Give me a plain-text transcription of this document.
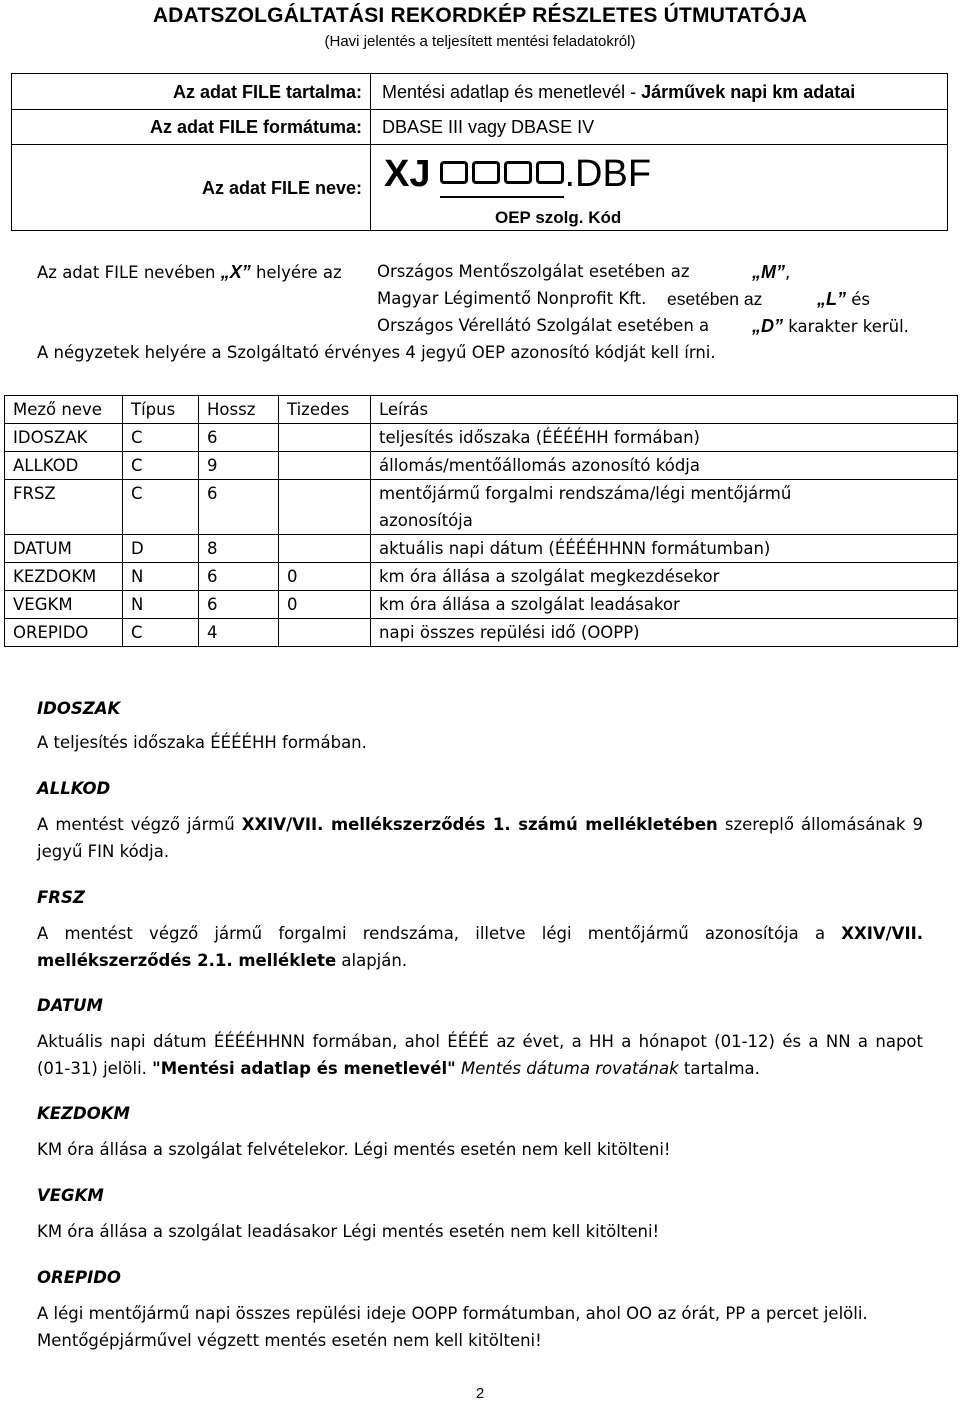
ADATSZOLGÁLTATÁSI REKORDKÉP RÉSZLETES ÚTMUTATÓJA
(Havi jelentés a teljesített mentési feladatokról)
Az adat FILE tartalma: Mentési adatlap és menetlevél - Járművek napi km adatai
Az adat FILE formátuma: DBASE III vagy DBASE IV
Az adat FILE neve: XJ	.DBF
OEP szolg. Kód
Az adat FILE nevében „X” helyére az Országos Mentőszolgálat esetében az	„M”,
Magyar Légimentő Nonprofit Kft. esetében az	„L” és
Országos Vérellátó Szolgálat esetében a „D” karakter kerül.
A négyzetek helyére a Szolgáltató érvényes 4 jegyű OEP azonosító kódját kell írni.
Mező neve	Típus	Hossz	Tizedes	Leírás
IDOSZAK	C	6		teljesítés időszaka (ÉÉÉÉHH formában)
ALLKOD	C	9		állomás/mentőállomás azonosító kódja
FRSZ	C	6		mentőjármű forgalmi rendszáma/légi mentőjármű
azonosítója
DATUM	D	8		aktuális napi dátum (ÉÉÉÉHHNN formátumban)
KEZDOKM	N	6	0	km óra állása a szolgálat megkezdésekor
VEGKM	N	6	0	km óra állása a szolgálat leadásakor
OREPIDO	C	4		napi összes repülési idő (OOPP)
IDOSZAK
A teljesítés időszaka ÉÉÉÉHH formában.
ALLKOD
A mentést végző jármű XXIV/VII. mellékszerződés 1. számú mellékletében szereplő állomásának 9 jegyű FIN kódja.
FRSZ
A mentést végző jármű forgalmi rendszáma, illetve légi mentőjármű azonosítója a XXIV/VII. mellékszerződés 2.1. melléklete alapján.
DATUM
Aktuális napi dátum ÉÉÉÉHHNN formában, ahol ÉÉÉÉ az évet, a HH a hónapot (01-12) és a NN a napot (01-31) jelöli. "Mentési adatlap és menetlevél" Mentés dátuma rovatának tartalma.
KEZDOKM
KM óra állása a szolgálat felvételekor. Légi mentés esetén nem kell kitölteni!
VEGKM
KM óra állása a szolgálat leadásakor Légi mentés esetén nem kell kitölteni!
OREPIDO
A légi mentőjármű napi összes repülési ideje OOPP formátumban, ahol OO az órát, PP a percet jelöli. Mentőgépjárművel végzett mentés esetén nem kell kitölteni!
2
